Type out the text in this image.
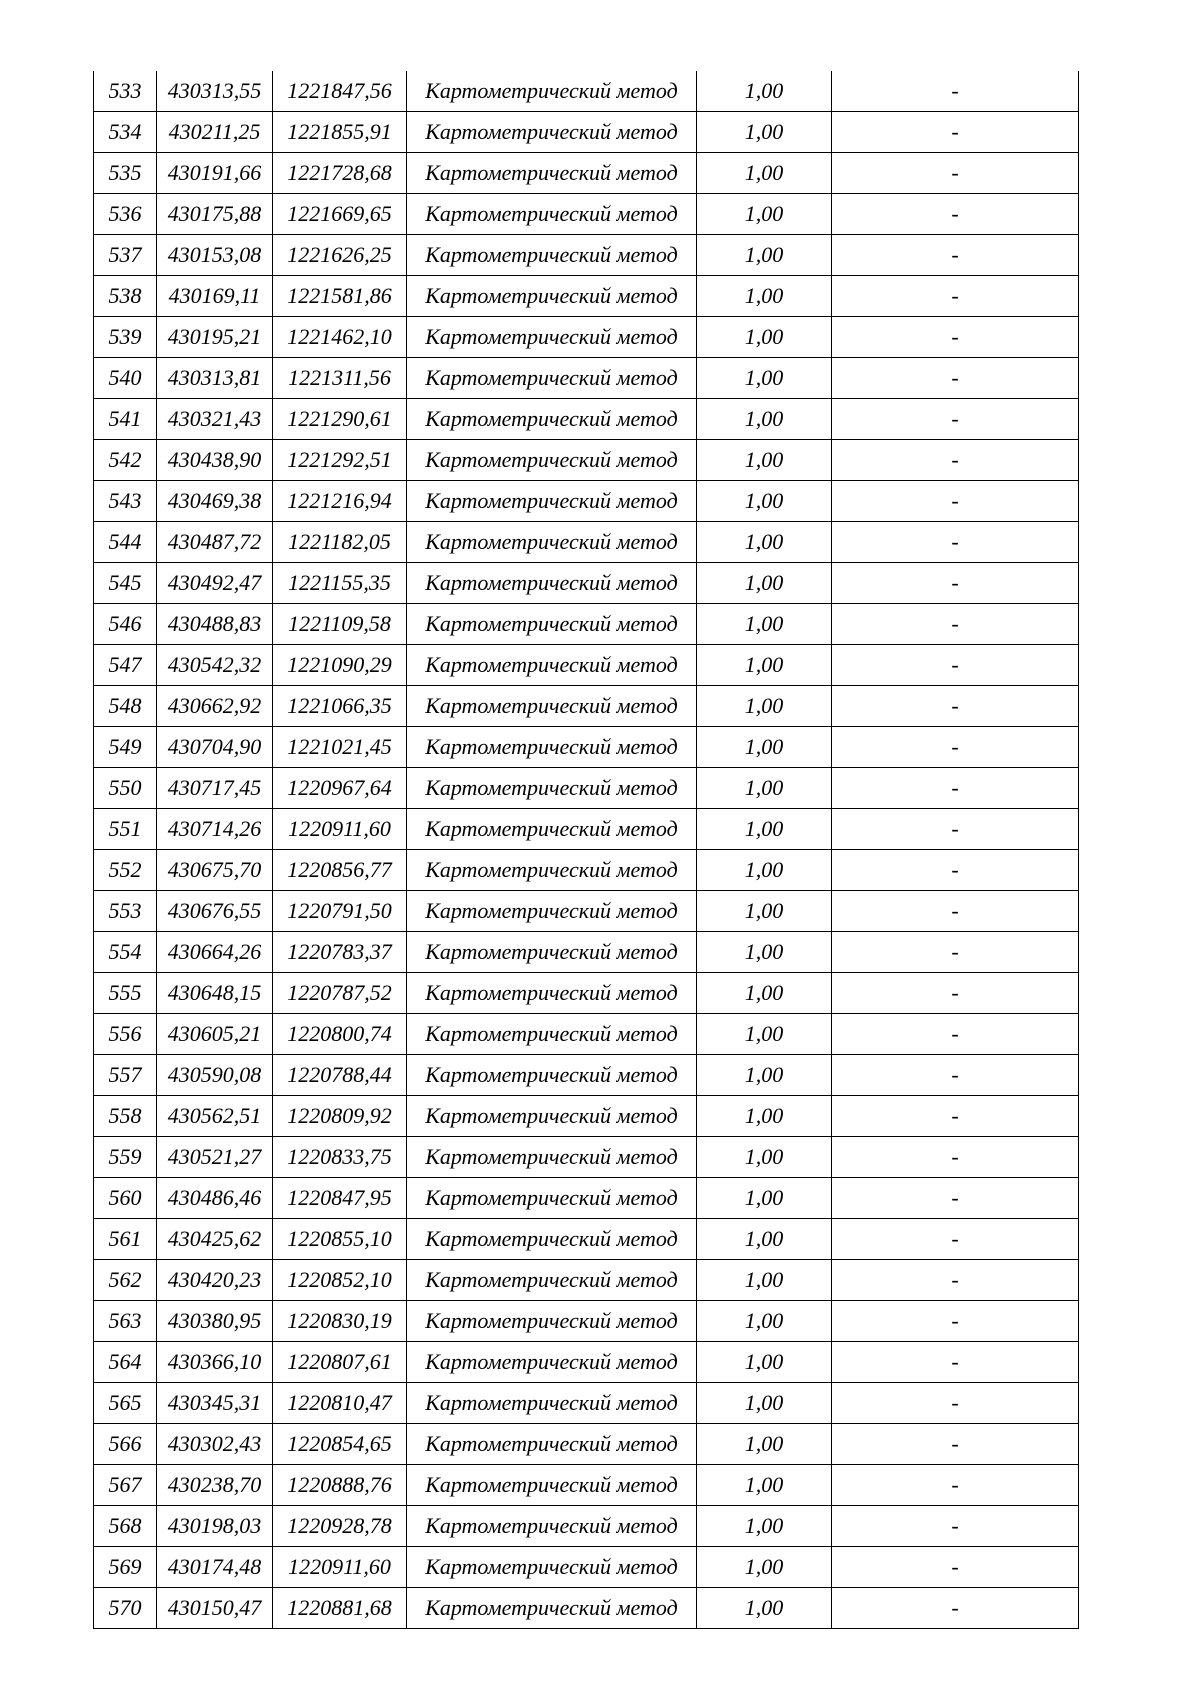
533	430313,55	1221847,56	Картометрический метод	1,00	-
534	430211,25	1221855,91	Картометрический метод	1,00	-
535	430191,66	1221728,68	Картометрический метод	1,00	-
536	430175,88	1221669,65	Картометрический метод	1,00	-
537	430153,08	1221626,25	Картометрический метод	1,00	-
538	430169,11	1221581,86	Картометрический метод	1,00	-
539	430195,21	1221462,10	Картометрический метод	1,00	-
540	430313,81	1221311,56	Картометрический метод	1,00	-
541	430321,43	1221290,61	Картометрический метод	1,00	-
542	430438,90	1221292,51	Картометрический метод	1,00	-
543	430469,38	1221216,94	Картометрический метод	1,00	-
544	430487,72	1221182,05	Картометрический метод	1,00	-
545	430492,47	1221155,35	Картометрический метод	1,00	-
546	430488,83	1221109,58	Картометрический метод	1,00	-
547	430542,32	1221090,29	Картометрический метод	1,00	-
548	430662,92	1221066,35	Картометрический метод	1,00	-
549	430704,90	1221021,45	Картометрический метод	1,00	-
550	430717,45	1220967,64	Картометрический метод	1,00	-
551	430714,26	1220911,60	Картометрический метод	1,00	-
552	430675,70	1220856,77	Картометрический метод	1,00	-
553	430676,55	1220791,50	Картометрический метод	1,00	-
554	430664,26	1220783,37	Картометрический метод	1,00	-
555	430648,15	1220787,52	Картометрический метод	1,00	-
556	430605,21	1220800,74	Картометрический метод	1,00	-
557	430590,08	1220788,44	Картометрический метод	1,00	-
558	430562,51	1220809,92	Картометрический метод	1,00	-
559	430521,27	1220833,75	Картометрический метод	1,00	-
560	430486,46	1220847,95	Картометрический метод	1,00	-
561	430425,62	1220855,10	Картометрический метод	1,00	-
562	430420,23	1220852,10	Картометрический метод	1,00	-
563	430380,95	1220830,19	Картометрический метод	1,00	-
564	430366,10	1220807,61	Картометрический метод	1,00	-
565	430345,31	1220810,47	Картометрический метод	1,00	-
566	430302,43	1220854,65	Картометрический метод	1,00	-
567	430238,70	1220888,76	Картометрический метод	1,00	-
568	430198,03	1220928,78	Картометрический метод	1,00	-
569	430174,48	1220911,60	Картометрический метод	1,00	-
570	430150,47	1220881,68	Картометрический метод	1,00	-
